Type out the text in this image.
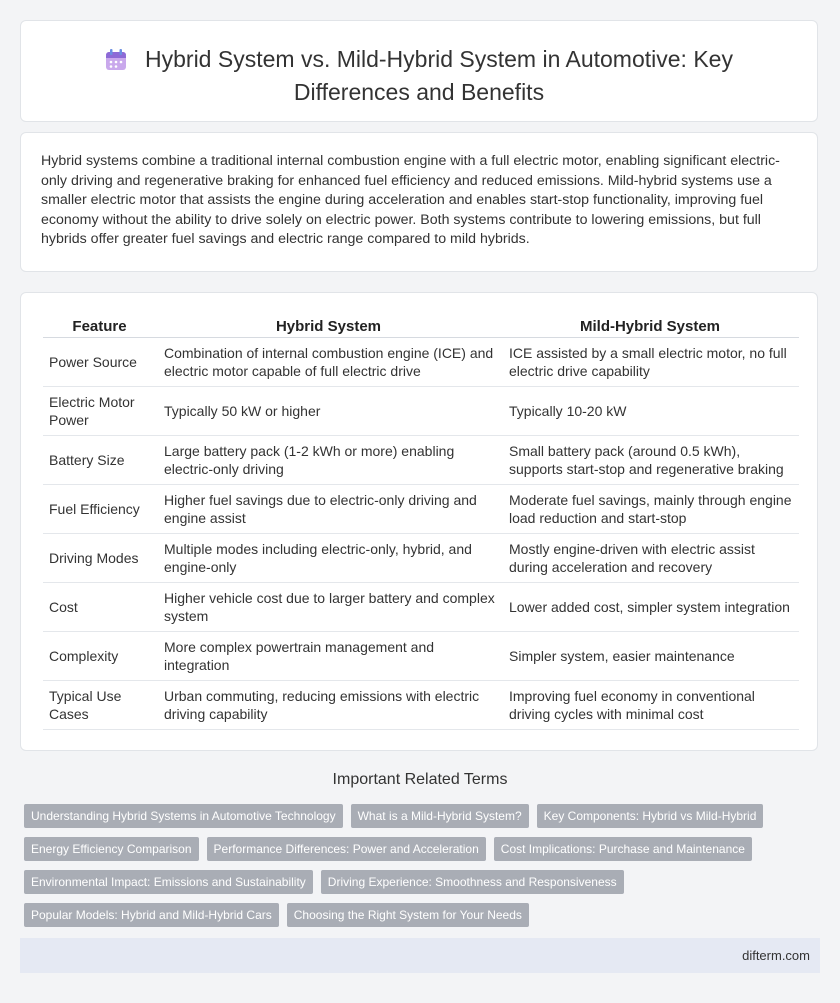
Hybrid System vs. Mild-Hybrid System in Automotive: Key
Differences and Benefits

Hybrid systems combine a traditional internal combustion engine with a full electric motor, enabling significant electric-only driving and regenerative braking for enhanced fuel efficiency and reduced emissions. Mild-hybrid systems use a smaller electric motor that assists the engine during acceleration and enables start-stop functionality, improving fuel economy without the ability to drive solely on electric power. Both systems contribute to lowering emissions, but full hybrids offer greater fuel savings and electric range compared to mild hybrids.

Feature	Hybrid System	Mild-Hybrid System
Power Source	Combination of internal combustion engine (ICE) and electric motor capable of full electric drive	ICE assisted by a small electric motor, no full electric drive capability
Electric Motor Power	Typically 50 kW or higher	Typically 10-20 kW
Battery Size	Large battery pack (1-2 kWh or more) enabling electric-only driving	Small battery pack (around 0.5 kWh), supports start-stop and regenerative braking
Fuel Efficiency	Higher fuel savings due to electric-only driving and engine assist	Moderate fuel savings, mainly through engine load reduction and start-stop
Driving Modes	Multiple modes including electric-only, hybrid, and engine-only	Mostly engine-driven with electric assist during acceleration and recovery
Cost	Higher vehicle cost due to larger battery and complex system	Lower added cost, simpler system integration
Complexity	More complex powertrain management and integration	Simpler system, easier maintenance
Typical Use Cases	Urban commuting, reducing emissions with electric driving capability	Improving fuel economy in conventional driving cycles with minimal cost
Important Related Terms
Understanding Hybrid Systems in Automotive Technology	What is a Mild-Hybrid System?	Key Components: Hybrid vs Mild-Hybrid
Energy Efficiency Comparison	Performance Differences: Power and Acceleration	Cost Implications: Purchase and Maintenance
Environmental Impact: Emissions and Sustainability	Driving Experience: Smoothness and Responsiveness
Popular Models: Hybrid and Mild-Hybrid Cars	Choosing the Right System for Your Needs
difterm.com
